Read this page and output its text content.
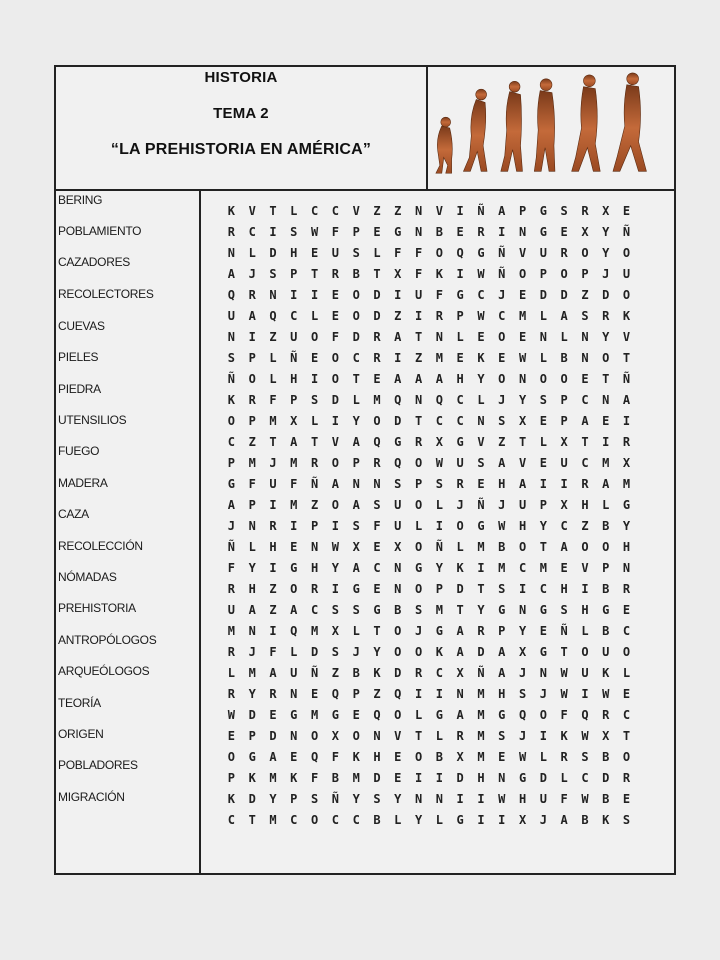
HISTORIA
TEMA 2
“LA PREHISTORIA EN AMÉRICA”
BERING
POBLAMIENTO
CAZADORES
RECOLECTORES
CUEVAS
PIELES
PIEDRA
UTENSILIOS
FUEGO
MADERA
CAZA
RECOLECCIÓN
NÓMADAS
PREHISTORIA
ANTROPÓLOGOS
ARQUEÓLOGOS
TEORÍA
ORIGEN
POBLADORES
MIGRACIÓN
K	V	T	L	C	C	V	Z	Z	N	V	I	Ñ	A	P	G	S	R	X	E
R	C	I	S	W	F	P	E	G	N	B	E	R	I	N	G	E	X	Y	Ñ
N	L	D	H	E	U	S	L	F	F	O	Q	G	Ñ	V	U	R	O	Y	O
A	J	S	P	T	R	B	T	X	F	K	I	W	Ñ	O	P	O	P	J	U
Q	R	N	I	I	E	O	D	I	U	F	G	C	J	E	D	D	Z	D	O
U	A	Q	C	L	E	O	D	Z	I	R	P	W	C	M	L	A	S	R	K
N	I	Z	U	O	F	D	R	A	T	N	L	E	O	E	N	L	N	Y	V
S	P	L	Ñ	E	O	C	R	I	Z	M	E	K	E	W	L	B	N	O	T
Ñ	O	L	H	I	O	T	E	A	A	A	H	Y	O	N	O	O	E	T	Ñ
K	R	F	P	S	D	L	M	Q	N	Q	C	L	J	Y	S	P	C	N	A
O	P	M	X	L	I	Y	O	D	T	C	C	N	S	X	E	P	A	E	I
C	Z	T	A	T	V	A	Q	G	R	X	G	V	Z	T	L	X	T	I	R
P	M	J	M	R	O	P	R	Q	O	W	U	S	A	V	E	U	C	M	X
G	F	U	F	Ñ	A	N	N	S	P	S	R	E	H	A	I	I	R	A	M
A	P	I	M	Z	O	A	S	U	O	L	J	Ñ	J	U	P	X	H	L	G
J	N	R	I	P	I	S	F	U	L	I	O	G	W	H	Y	C	Z	B	Y
Ñ	L	H	E	N	W	X	E	X	O	Ñ	L	M	B	O	T	A	O	O	H
F	Y	I	G	H	Y	A	C	N	G	Y	K	I	M	C	M	E	V	P	N
R	H	Z	O	R	I	G	E	N	O	P	D	T	S	I	C	H	I	B	R
U	A	Z	A	C	S	S	G	B	S	M	T	Y	G	N	G	S	H	G	E
M	N	I	Q	M	X	L	T	O	J	G	A	R	P	Y	E	Ñ	L	B	C
R	J	F	L	D	S	J	Y	O	O	K	A	D	A	X	G	T	O	U	O
L	M	A	U	Ñ	Z	B	K	D	R	C	X	Ñ	A	J	N	W	U	K	L
R	Y	R	N	E	Q	P	Z	Q	I	I	N	M	H	S	J	W	I	W	E
W	D	E	G	M	G	E	Q	O	L	G	A	M	G	Q	O	F	Q	R	C
E	P	D	N	O	X	O	N	V	T	L	R	M	S	J	I	K	W	X	T
O	G	A	E	Q	F	K	H	E	O	B	X	M	E	W	L	R	S	B	O
P	K	M	K	F	B	M	D	E	I	I	D	H	N	G	D	L	C	D	R
K	D	Y	P	S	Ñ	Y	S	Y	N	N	I	I	W	H	U	F	W	B	E
C	T	M	C	O	C	C	B	L	Y	L	G	I	I	X	J	A	B	K	S
